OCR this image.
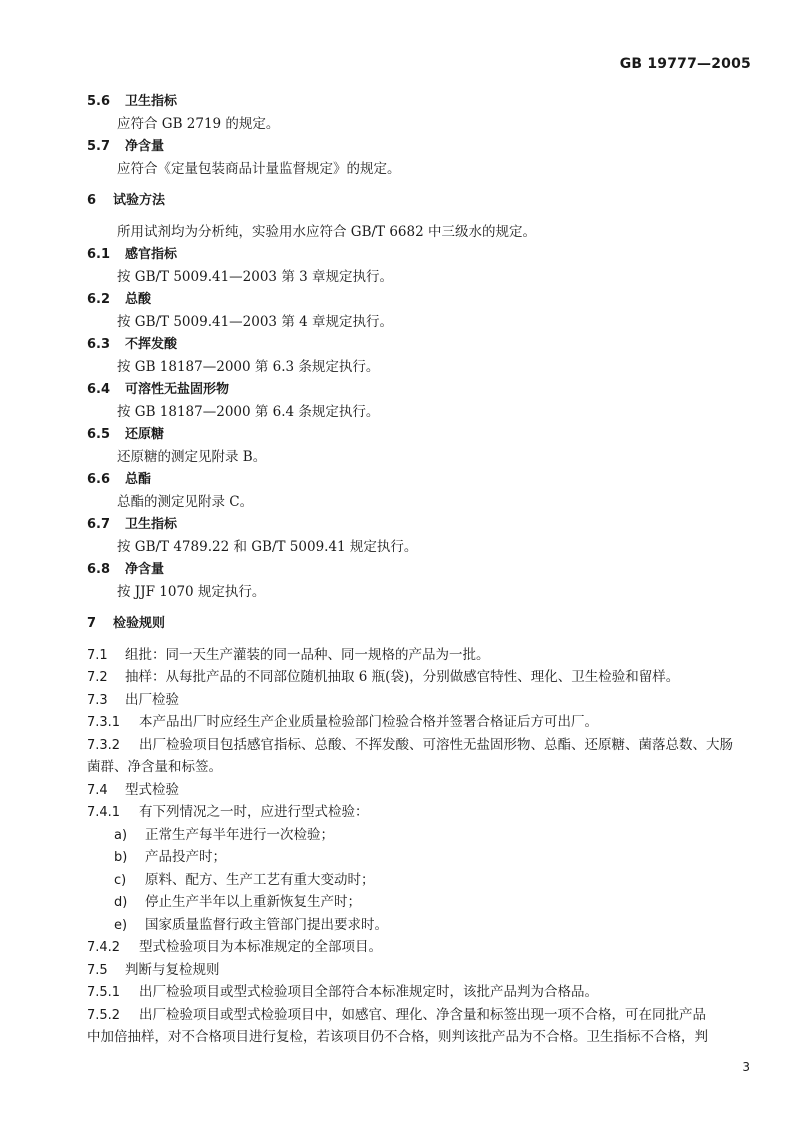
GB 19777—2005
5.6 卫生指标
应符合 GB 2719 的规定。
5.7 净含量
应符合《定量包装商品计量监督规定》的规定。
6 试验方法
所用试剂均为分析纯，实验用水应符合 GB/T 6682 中三级水的规定。
6.1 感官指标
按 GB/T 5009.41—2003 第 3 章规定执行。
6.2 总酸
按 GB/T 5009.41—2003 第 4 章规定执行。
6.3 不挥发酸
按 GB 18187—2000 第 6.3 条规定执行。
6.4 可溶性无盐固形物
按 GB 18187—2000 第 6.4 条规定执行。
6.5 还原糖
还原糖的测定见附录 B。
6.6 总酯
总酯的测定见附录 C。
6.7 卫生指标
按 GB/T 4789.22 和 GB/T 5009.41 规定执行。
6.8 净含量
按 JJF 1070 规定执行。
7 检验规则
7.1 组批：同一天生产灌装的同一品种、同一规格的产品为一批。
7.2 抽样：从每批产品的不同部位随机抽取 6 瓶(袋)，分别做感官特性、理化、卫生检验和留样。
7.3 出厂检验
7.3.1 本产品出厂时应经生产企业质量检验部门检验合格并签署合格证后方可出厂。
7.3.2 出厂检验项目包括感官指标、总酸、不挥发酸、可溶性无盐固形物、总酯、还原糖、菌落总数、大肠
菌群、净含量和标签。
7.4 型式检验
7.4.1 有下列情况之一时，应进行型式检验：
a) 正常生产每半年进行一次检验；
b) 产品投产时；
c) 原料、配方、生产工艺有重大变动时；
d) 停止生产半年以上重新恢复生产时；
e) 国家质量监督行政主管部门提出要求时。
7.4.2 型式检验项目为本标准规定的全部项目。
7.5 判断与复检规则
7.5.1 出厂检验项目或型式检验项目全部符合本标准规定时，该批产品判为合格品。
7.5.2 出厂检验项目或型式检验项目中，如感官、理化、净含量和标签出现一项不合格，可在同批产品
中加倍抽样，对不合格项目进行复检，若该项目仍不合格，则判该批产品为不合格。卫生指标不合格，判
3
